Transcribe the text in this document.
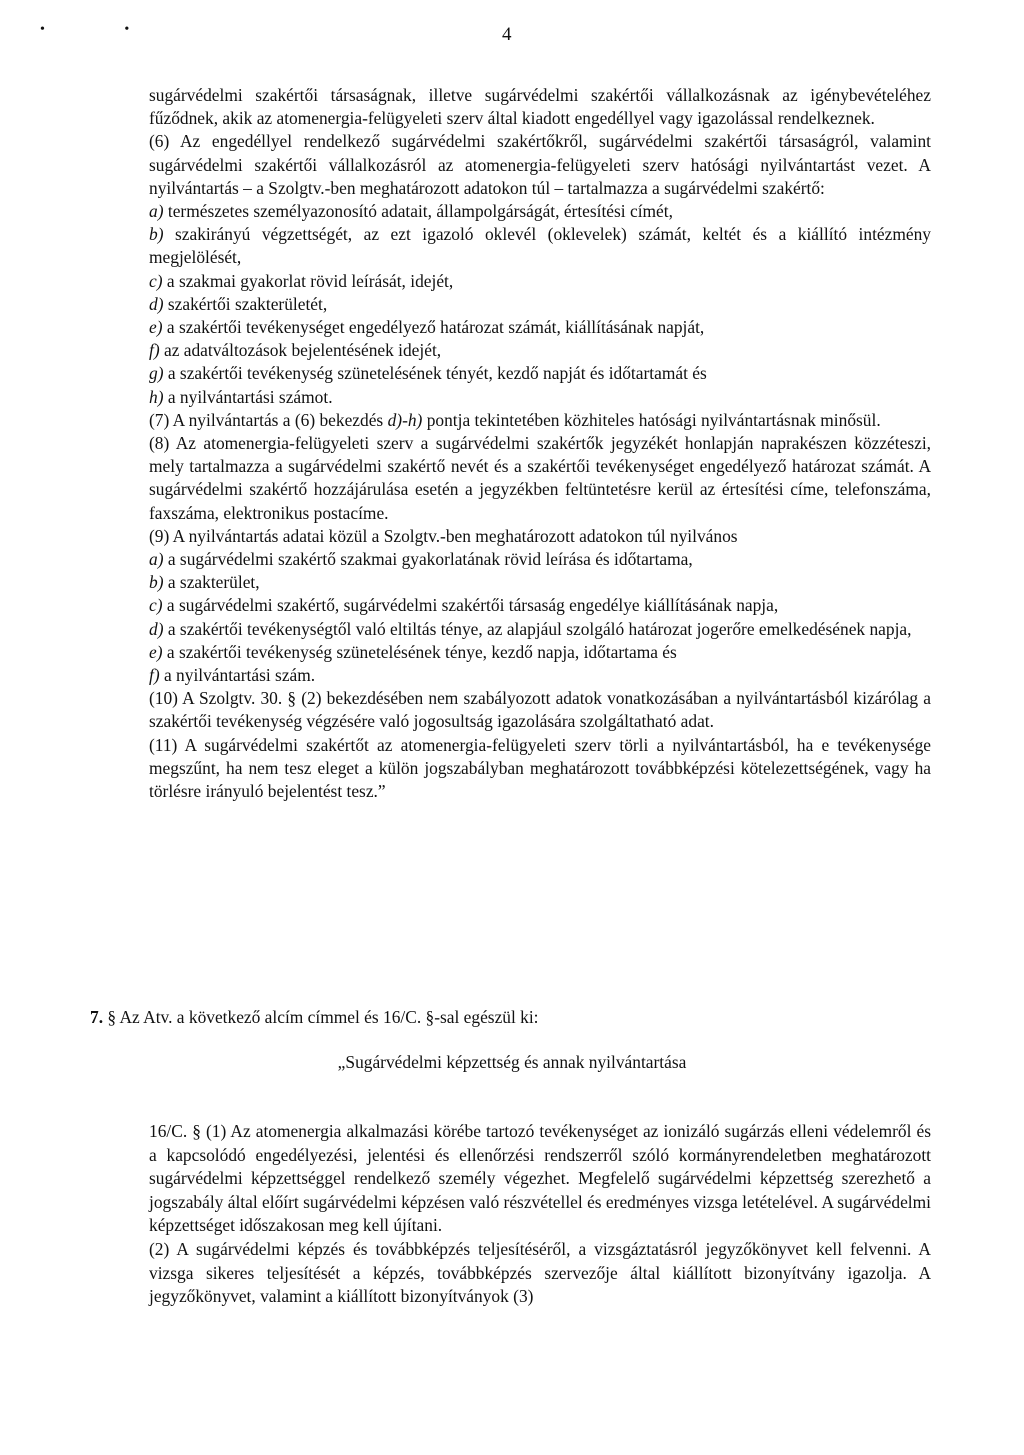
• •	4

sugárvédelmi szakértői társaságnak, illetve sugárvédelmi szakértői vállalkozásnak az igénybevételéhez fűződnek, akik az atomenergia-felügyeleti szerv által kiadott engedéllyel vagy igazolással rendelkeznek.

(6) Az engedéllyel rendelkező sugárvédelmi szakértőkről, sugárvédelmi szakértői társaságról, valamint sugárvédelmi szakértői vállalkozásról az atomenergia-felügyeleti szerv hatósági nyilvántartást vezet. A nyilvántartás – a Szolgtv.-ben meghatározott adatokon túl – tartalmazza a sugárvédelmi szakértő:

a) természetes személyazonosító adatait, állampolgárságát, értesítési címét,

b) szakirányú végzettségét, az ezt igazoló oklevél (oklevelek) számát, keltét és a kiállító intézmény megjelölését,

c) a szakmai gyakorlat rövid leírását, idejét,

d) szakértői szakterületét,

e) a szakértői tevékenységet engedélyező határozat számát, kiállításának napját,

f) az adatváltozások bejelentésének idejét,

g) a szakértői tevékenység szünetelésének tényét, kezdő napját és időtartamát és

h) a nyilvántartási számot.

(7) A nyilvántartás a (6) bekezdés d)-h) pontja tekintetében közhiteles hatósági nyilvántartásnak minősül.

(8) Az atomenergia-felügyeleti szerv a sugárvédelmi szakértők jegyzékét honlapján naprakészen közzéteszi, mely tartalmazza a sugárvédelmi szakértő nevét és a szakértői tevékenységet engedélyező határozat számát. A sugárvédelmi szakértő hozzájárulása esetén a jegyzékben feltüntetésre kerül az értesítési címe, telefonszáma, faxszáma, elektronikus postacíme.

(9) A nyilvántartás adatai közül a Szolgtv.-ben meghatározott adatokon túl nyilvános

a) a sugárvédelmi szakértő szakmai gyakorlatának rövid leírása és időtartama,

b) a szakterület,

c) a sugárvédelmi szakértő, sugárvédelmi szakértői társaság engedélye kiállításának napja,

d) a szakértői tevékenységtől való eltiltás ténye, az alapjául szolgáló határozat jogerőre emelkedésének napja,

e) a szakértői tevékenység szünetelésének ténye, kezdő napja, időtartama és

f) a nyilvántartási szám.

(10) A Szolgtv. 30. § (2) bekezdésében nem szabályozott adatok vonatkozásában a nyilvántartásból kizárólag a szakértői tevékenység végzésére való jogosultság igazolására szolgáltatható adat.

(11) A sugárvédelmi szakértőt az atomenergia-felügyeleti szerv törli a nyilvántartásból, ha e tevékenysége megszűnt, ha nem tesz eleget a külön jogszabályban meghatározott továbbképzési kötelezettségének, vagy ha törlésre irányuló bejelentést tesz.”

7. § Az Atv. a következő alcím címmel és 16/C. §-sal egészül ki:
„Sugárvédelmi képzettség és annak nyilvántartása

16/C. § (1) Az atomenergia alkalmazási körébe tartozó tevékenységet az ionizáló sugárzás elleni védelemről és a kapcsolódó engedélyezési, jelentési és ellenőrzési rendszerről szóló kormányrendeletben meghatározott sugárvédelmi képzettséggel rendelkező személy végezhet. Megfelelő sugárvédelmi képzettség szerezhető a jogszabály által előírt sugárvédelmi képzésen való részvétellel és eredményes vizsga letételével. A sugárvédelmi képzettséget időszakosan meg kell újítani.

(2) A sugárvédelmi képzés és továbbképzés teljesítéséről, a vizsgáztatásról jegyzőkönyvet kell felvenni. A vizsga sikeres teljesítését a képzés, továbbképzés szervezője által kiállított bizonyítvány igazolja. A jegyzőkönyvet, valamint a kiállított bizonyítványok (3)
